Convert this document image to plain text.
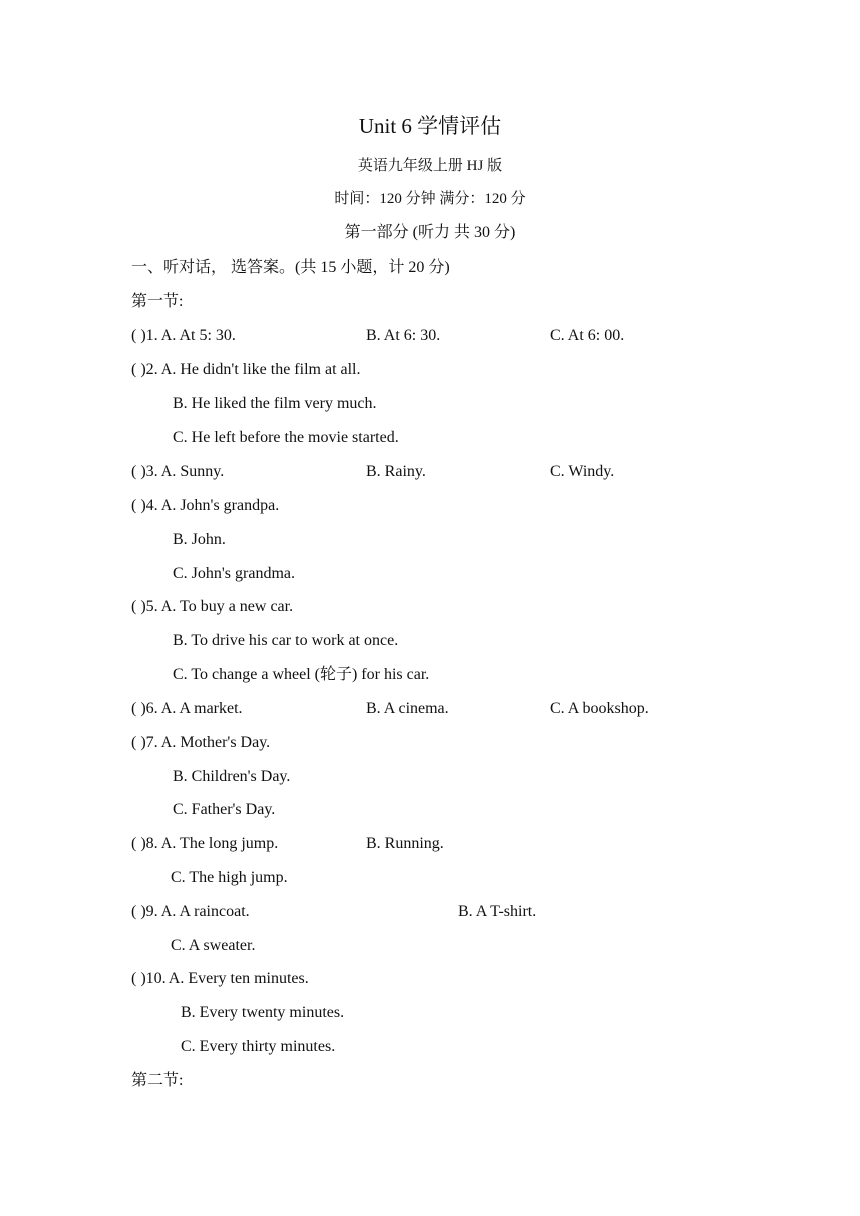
Unit 6 学情评估
英语九年级上册 HJ 版
时间：120 分钟 满分：120 分
第一部分 (听力 共 30 分)
一、听对话， 选答案。(共 15 小题，计 20 分)
第一节:
( )1. A. At 5: 30.	B. At 6: 30.	C. At 6: 00.
( )2. A. He didn't like the film at all.
B. He liked the film very much.
C. He left before the movie started.
( )3. A. Sunny.	B. Rainy.	C. Windy.
( )4. A. John's grandpa.
B. John.
C. John's grandma.
( )5. A. To buy a new car.
B. To drive his car to work at once.
C. To change a wheel (轮子) for his car.
( )6. A. A market.	B. A cinema.	C. A bookshop.
( )7. A. Mother's Day.
B. Children's Day.
C. Father's Day.
( )8. A. The long jump.	B. Running.
C. The high jump.
( )9. A. A raincoat.	B. A T-shirt.
C. A sweater.
( )10. A. Every ten minutes.
B. Every twenty minutes.
C. Every thirty minutes.
第二节:
